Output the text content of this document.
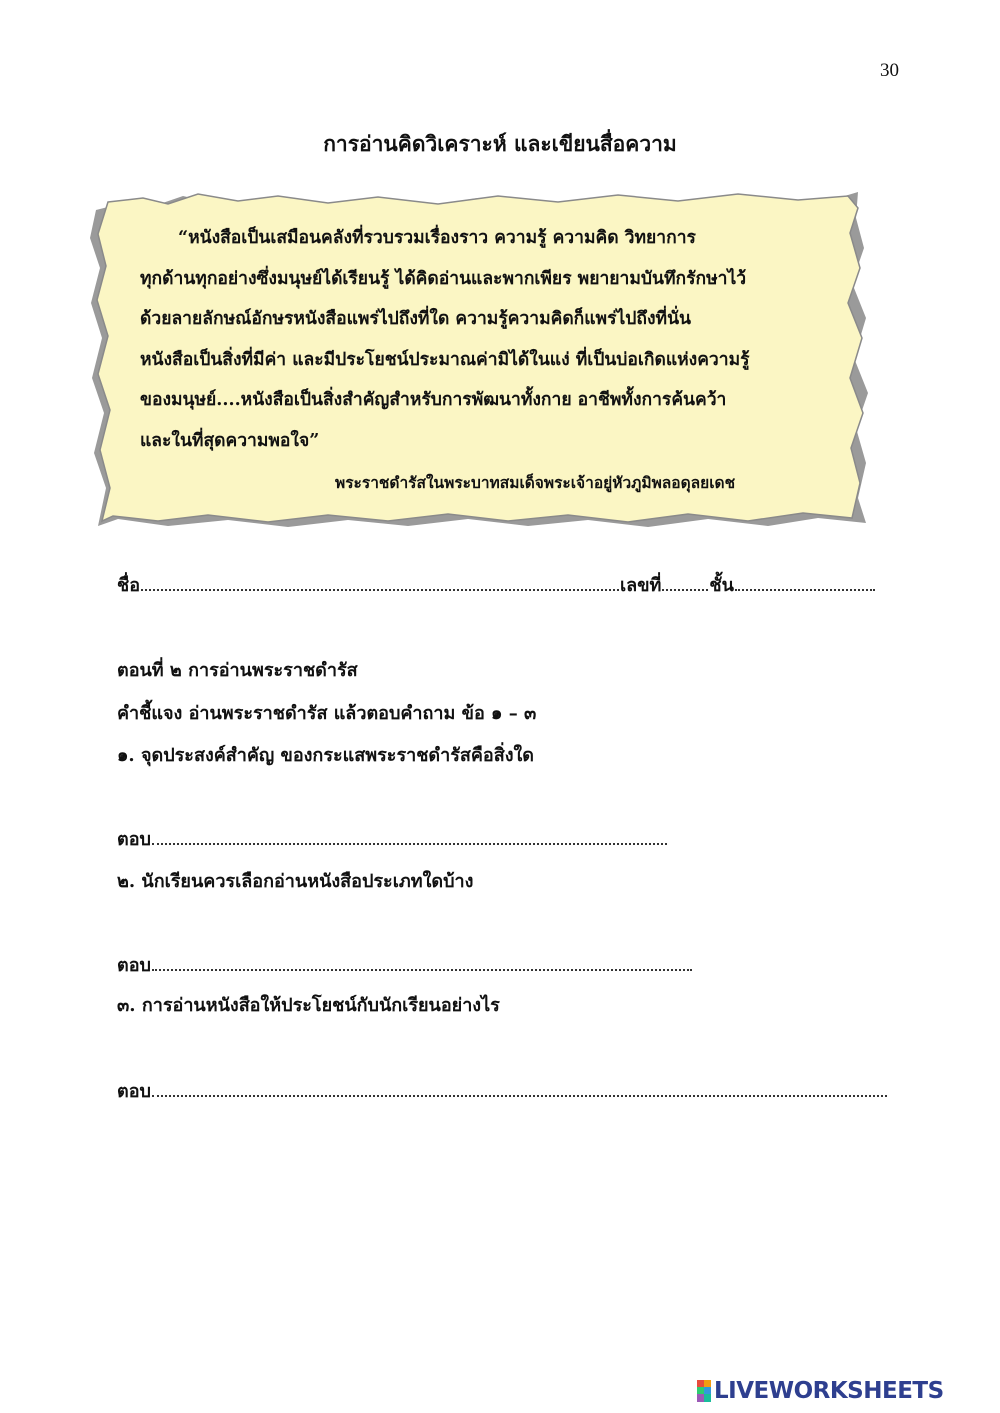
30
การอ่านคิดวิเคราะห์ และเขียนสื่อความ
“หนังสือเป็นเสมือนคลังที่รวบรวมเรื่องราว ความรู้ ความคิด วิทยาการ
ทุกด้านทุกอย่างซึ่งมนุษย์ได้เรียนรู้ ได้คิดอ่านและพากเพียร พยายามบันทึกรักษาไว้
ด้วยลายลักษณ์อักษรหนังสือแพร่ไปถึงที่ใด ความรู้ความคิดก็แพร่ไปถึงที่นั่น
หนังสือเป็นสิ่งที่มีค่า และมีประโยชน์ประมาณค่ามิได้ในแง่ ที่เป็นบ่อเกิดแห่งความรู้
ของมนุษย์....หนังสือเป็นสิ่งสำคัญสำหรับการพัฒนาทั้งกาย อาชีพทั้งการค้นคว้า
และในที่สุดความพอใจ”
พระราชดำรัสในพระบาทสมเด็จพระเจ้าอยู่หัวภูมิพลอดุลยเดช
ชื่อ	เลขที่	ชั้น
ตอนที่ ๒ การอ่านพระราชดำรัส
คำชี้แจง อ่านพระราชดำรัส แล้วตอบคำถาม ข้อ ๑ – ๓
๑. จุดประสงค์สำคัญ ของกระแสพระราชดำรัสคือสิ่งใด
ตอบ
๒. นักเรียนควรเลือกอ่านหนังสือประเภทใดบ้าง
ตอบ
๓. การอ่านหนังสือให้ประโยชน์กับนักเรียนอย่างไร
ตอบ
LIVEWORKSHEETS
